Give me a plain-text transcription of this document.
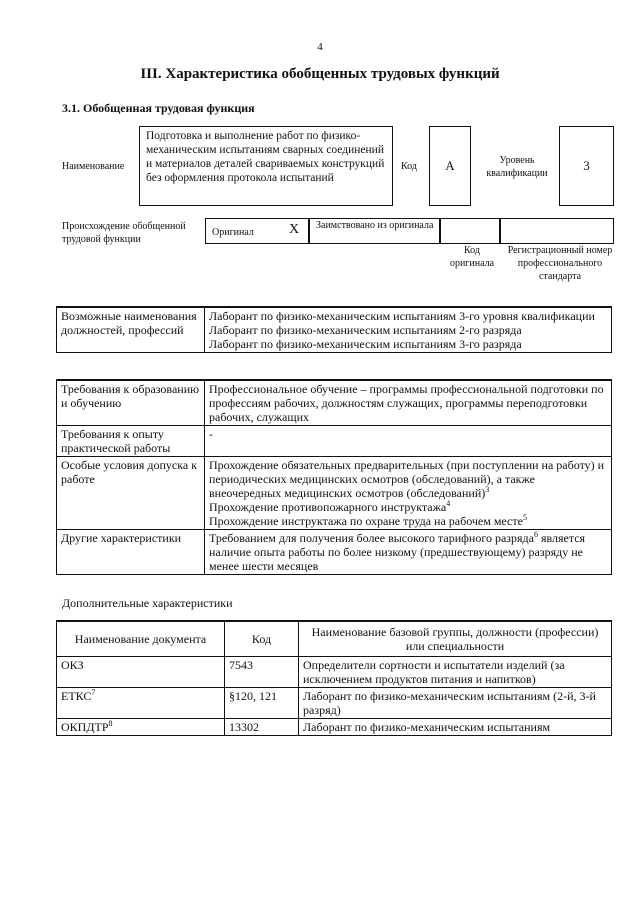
4
III. Характеристика обобщенных трудовых функций
3.1. Обобщенная трудовая функция
Наименование
Подготовка и выполнение работ по физико-механическим испытаниям сварных соединений и материалов деталей свариваемых конструкций без оформления протокола испытаний
Код A	Уровень квалификации
3
Происхождение обобщенной трудовой функции
Оригинал	X Заимствовано из оригинала
Код оригинала
Регистрационный номер профессионального стандарта
Возможные наименования должностей, профессий	
Лаборант по физико-механическим испытаниям 3-го уровня квалификации
Лаборант по физико-механическим испытаниям 2-го разряда
Лаборант по физико-механическим испытаниям 3-го разряда
Требования к образованию и обучению	Профессиональное обучение – программы профессиональной подготовки по профессиям рабочих, должностям служащих, программы переподготовки рабочих, служащих
Требования к опыту практической работы	-
Особые условия допуска к работе	Прохождение обязательных предварительных (при поступлении на работу) и периодических медицинских осмотров (обследований), а также внеочередных медицинских осмотров (обследований)$^3$
Прохождение противопожарного инструктажа$^4$
Прохождение инструктажа по охране труда на рабочем месте$^5$

Другие характеристики	Требованием для получения более высокого тарифного разряда$^6$ является наличие опыта работы по более низкому (предшествующему) разряду не менее шести месяцев
Дополнительные характеристики
Наименование документа	Код	Наименование базовой группы, должности (профессии) или специальности
ОКЗ	7543	Определители сортности и испытатели изделий (за исключением продуктов питания и напитков)
ЕТКС$^7$	§120, 121	Лаборант по физико-механическим испытаниям (2-й, 3-й разряд)
ОКПДТР$^8$	13302	Лаборант по физико-механическим испытаниям
